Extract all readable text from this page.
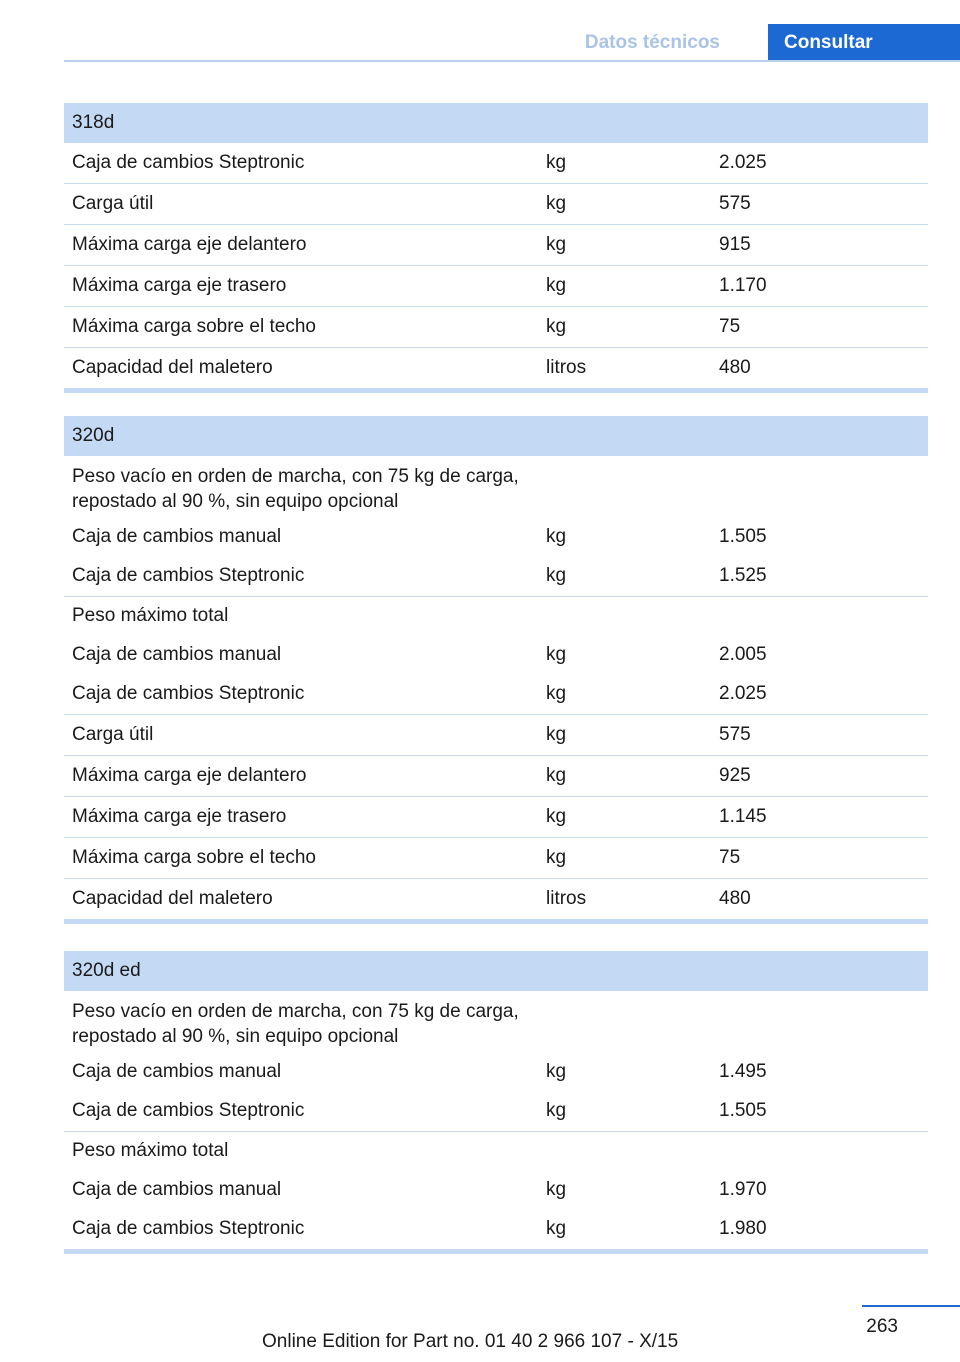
Datos técnicos	Consultar
318d
Caja de cambios Steptronic	kg	2.025
Carga útil	kg	575
Máxima carga eje delantero	kg	915
Máxima carga eje trasero	kg	1.170
Máxima carga sobre el techo	kg	75
Capacidad del maletero	litros	480
320d
Peso vacío en orden de marcha, con 75 kg de carga, repostado al 90 %, sin equipo opcional
Caja de cambios manual	kg	1.505
Caja de cambios Steptronic	kg	1.525
Peso máximo total
Caja de cambios manual	kg	2.005
Caja de cambios Steptronic	kg	2.025
Carga útil	kg	575
Máxima carga eje delantero	kg	925
Máxima carga eje trasero	kg	1.145
Máxima carga sobre el techo	kg	75
Capacidad del maletero	litros	480
320d ed
Peso vacío en orden de marcha, con 75 kg de carga, repostado al 90 %, sin equipo opcional
Caja de cambios manual	kg	1.495
Caja de cambios Steptronic	kg	1.505
Peso máximo total
Caja de cambios manual	kg	1.970
Caja de cambios Steptronic	kg	1.980
263
Online Edition for Part no. 01 40 2 966 107 - X/15
